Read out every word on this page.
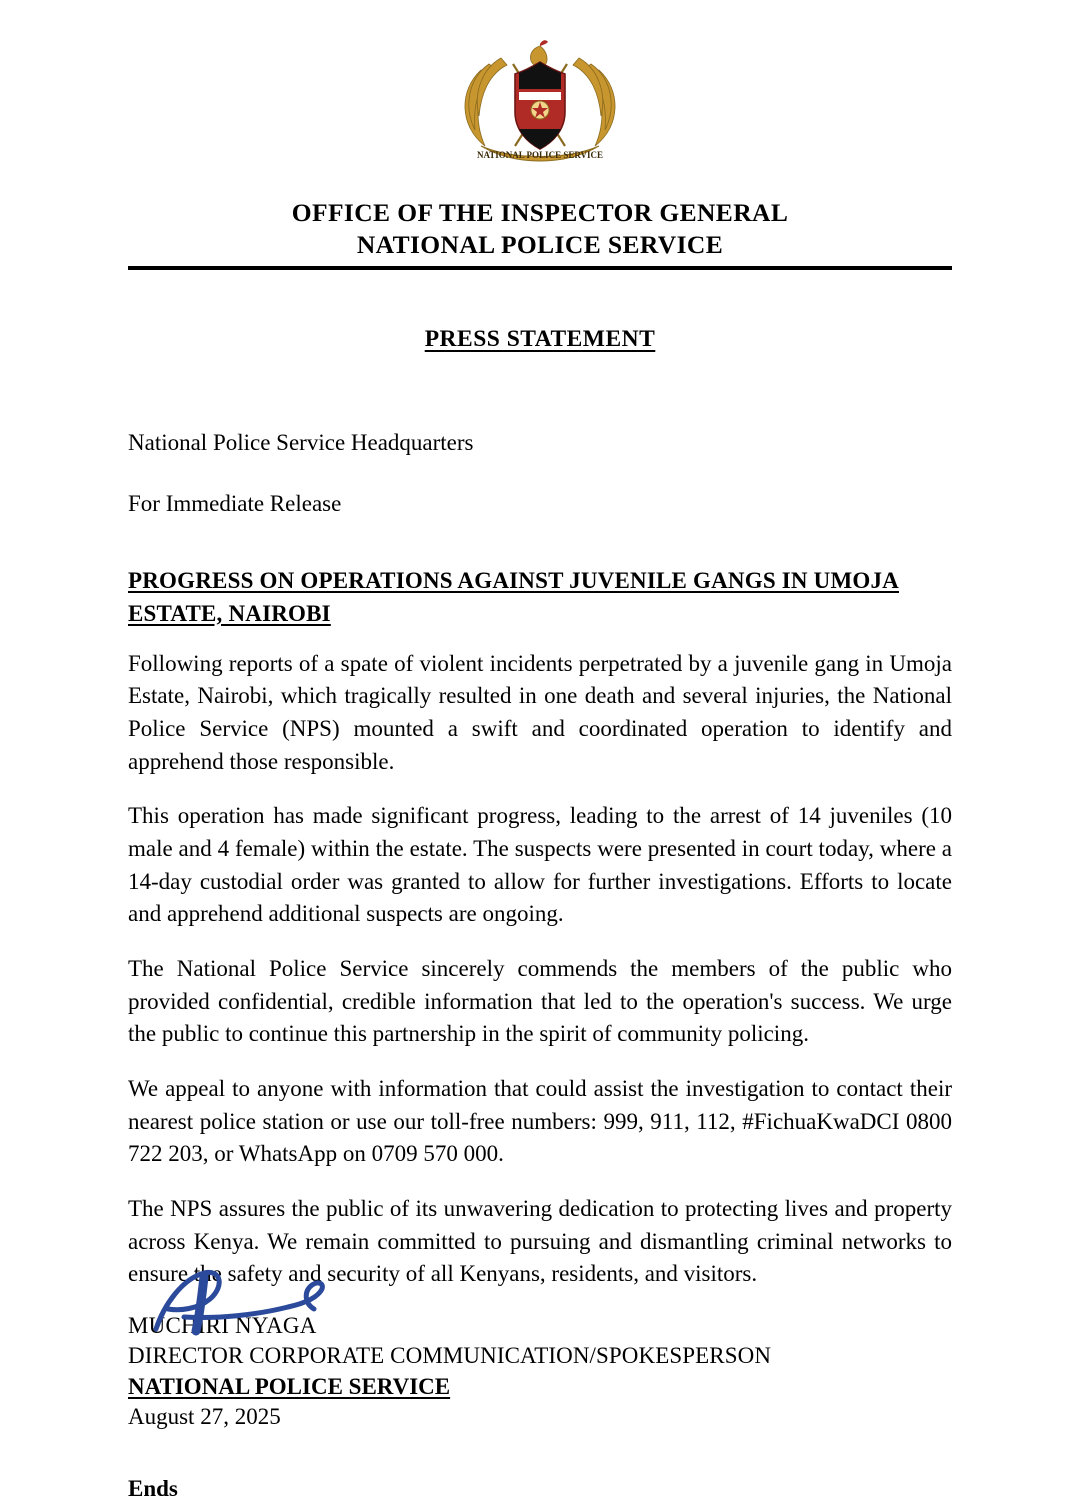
NATIONAL POLICE SERVICE
OFFICE OF THE INSPECTOR GENERAL
NATIONAL POLICE SERVICE
PRESS STATEMENT
National Police Service Headquarters
For Immediate Release
PROGRESS ON OPERATIONS AGAINST JUVENILE GANGS IN UMOJA
ESTATE, NAIROBI

Following reports of a spate of violent incidents perpetrated by a juvenile gang in Umoja Estate, Nairobi, which tragically resulted in one death and several injuries, the National Police Service (NPS) mounted a swift and coordinated operation to identify and apprehend those responsible.

This operation has made significant progress, leading to the arrest of 14 juveniles (10 male and 4 female) within the estate. The suspects were presented in court today, where a 14-day custodial order was granted to allow for further investigations. Efforts to locate and apprehend additional suspects are ongoing.

The National Police Service sincerely commends the members of the public who provided confidential, credible information that led to the operation's success. We urge the public to continue this partnership in the spirit of community policing.

We appeal to anyone with information that could assist the investigation to contact their nearest police station or use our toll-free numbers: 999, 911, 112, #FichuaKwaDCI 0800 722 203, or WhatsApp on 0709 570 000.

The NPS assures the public of its unwavering dedication to protecting lives and property across Kenya. We remain committed to pursuing and dismantling criminal networks to ensure the safety and security of all Kenyans, residents, and visitors.

MUCHIRI NYAGA
DIRECTOR CORPORATE COMMUNICATION/SPOKESPERSON
NATIONAL POLICE SERVICE
August 27, 2025
Ends
